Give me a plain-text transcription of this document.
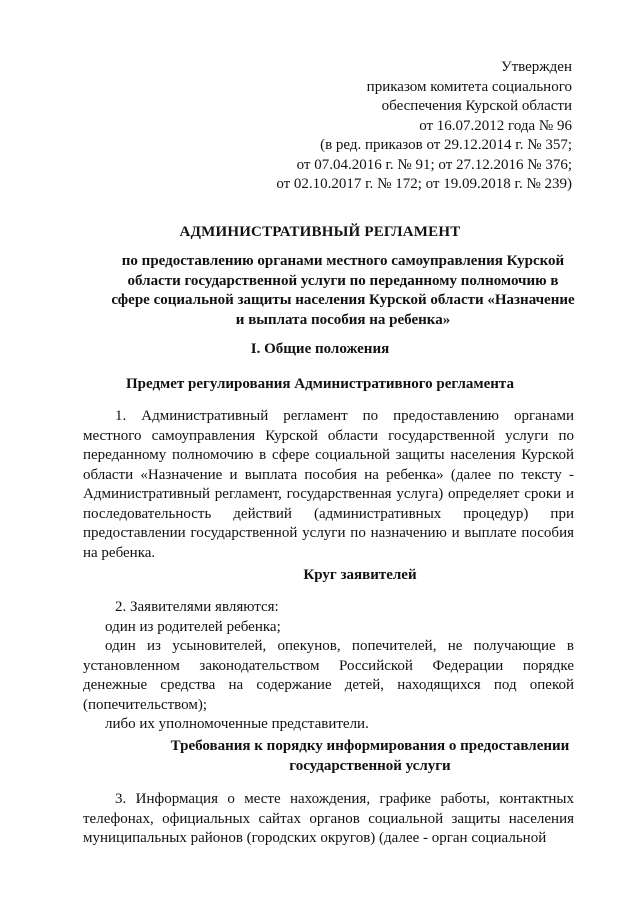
Утвержден
приказом комитета социального
обеспечения Курской области
от 16.07.2012 года № 96
(в ред. приказов от 29.12.2014 г. № 357;
от 07.04.2016 г. № 91; от 27.12.2016 № 376;
от 02.10.2017 г. № 172; от 19.09.2018 г. № 239)
АДМИНИСТРАТИВНЫЙ РЕГЛАМЕНТ
по предоставлению органами местного самоуправления Курской области государственной услуги по переданному полномочию в сфере социальной защиты населения Курской области «Назначение и выплата пособия на ребенка»
I. Общие положения
Предмет регулирования Административного регламента
1. Административный регламент по предоставлению органами местного самоуправления Курской области государственной услуги по переданному полномочию в сфере социальной защиты населения Курской области «Назначение и выплата пособия на ребенка» (далее по тексту - Административный регламент, государственная услуга) определяет сроки и последовательность действий (административных процедур) при предоставлении государственной услуги по назначению и выплате пособия на ребенка.
Круг заявителей
2. Заявителями являются:
один из родителей ребенка;
один из усыновителей, опекунов, попечителей, не получающие в установленном законодательством Российской Федерации порядке денежные средства на содержание детей, находящихся под опекой (попечительством);
либо их уполномоченные представители.
Требования к порядку информирования о предоставлении государственной услуги
3. Информация о месте нахождения, графике работы, контактных телефонах, официальных сайтах органов социальной защиты населения муниципальных районов (городских округов) (далее - орган социальной
